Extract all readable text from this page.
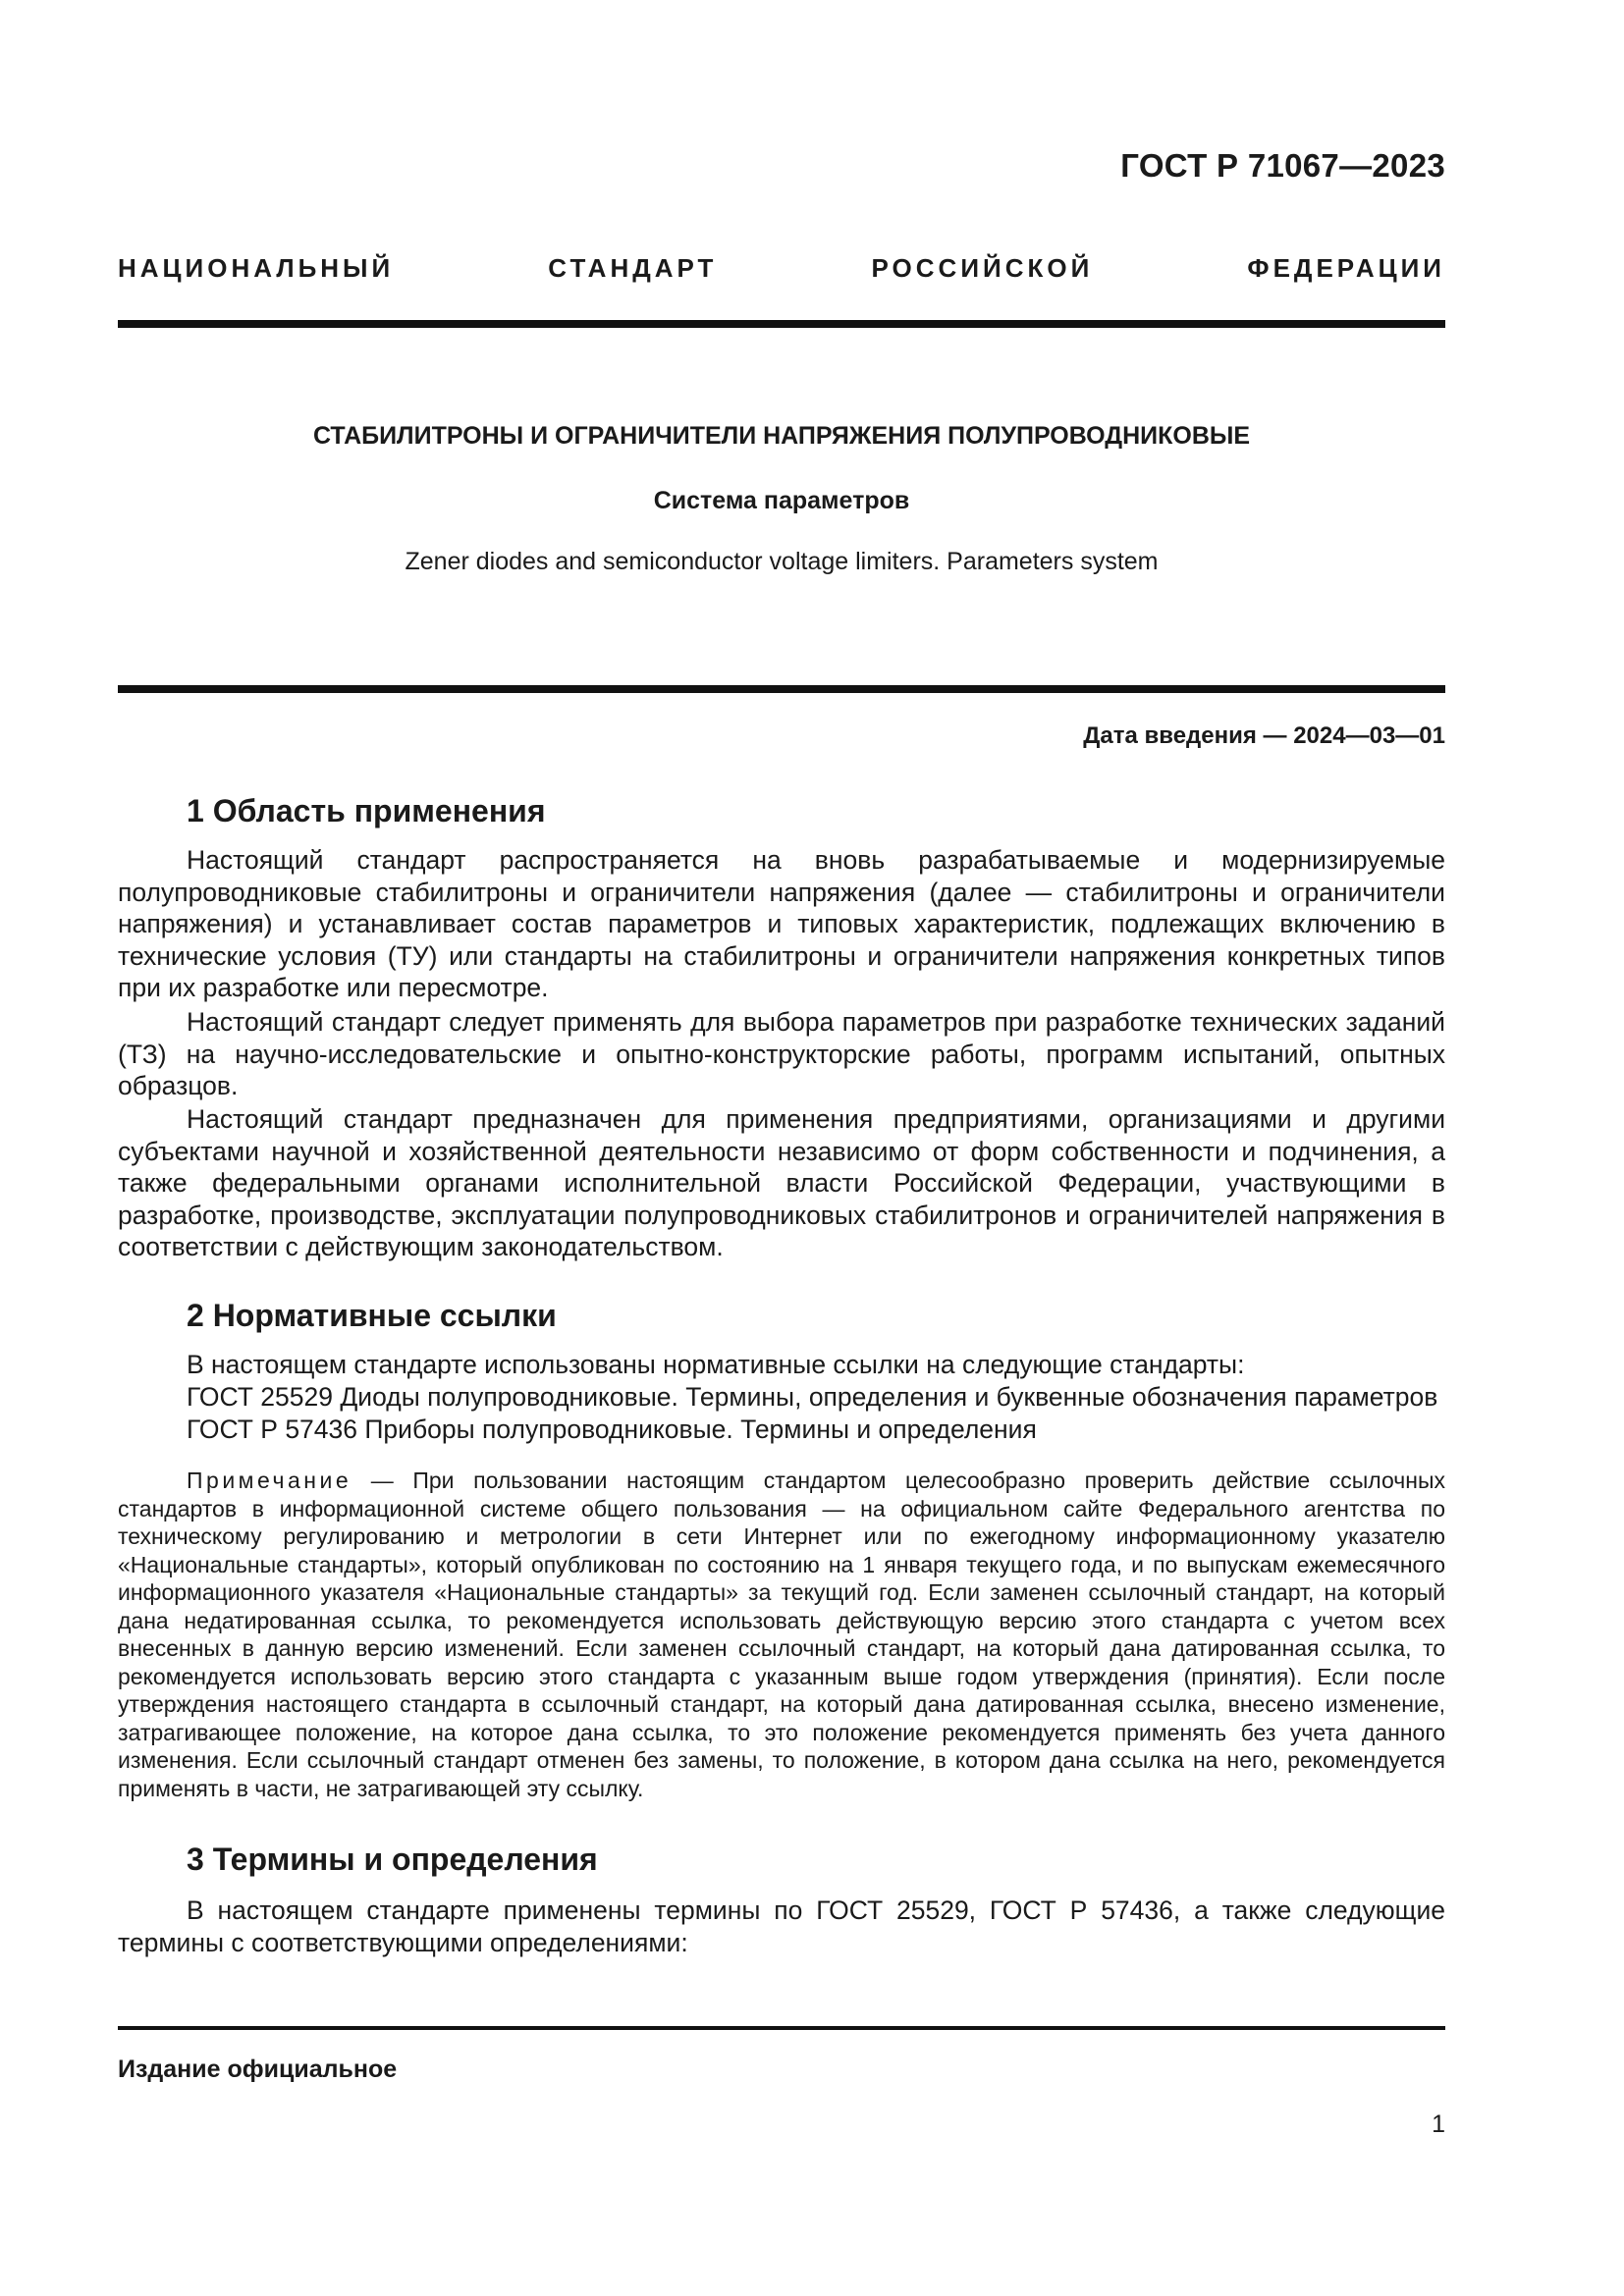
ГОСТ Р 71067—2023
НАЦИОНАЛЬНЫЙ СТАНДАРТ РОССИЙСКОЙ ФЕДЕРАЦИИ
СТАБИЛИТРОНЫ И ОГРАНИЧИТЕЛИ НАПРЯЖЕНИЯ ПОЛУПРОВОДНИКОВЫЕ
Система параметров
Zener diodes and semiconductor voltage limiters. Parameters system
Дата введения — 2024—03—01
1 Область применения

Настоящий стандарт распространяется на вновь разрабатываемые и модернизируемые полупроводниковые стабилитроны и ограничители напряжения (далее — стабилитроны и ограничители напряжения) и устанавливает состав параметров и типовых характеристик, подлежащих включению в технические условия (ТУ) или стандарты на стабилитроны и ограничители напряжения конкретных типов при их разработке или пересмотре.

Настоящий стандарт следует применять для выбора параметров при разработке технических заданий (ТЗ) на научно-исследовательские и опытно-конструкторские работы, программ испытаний, опытных образцов.

Настоящий стандарт предназначен для применения предприятиями, организациями и другими субъектами научной и хозяйственной деятельности независимо от форм собственности и подчинения, а также федеральными органами исполнительной власти Российской Федерации, участвующими в разработке, производстве, эксплуатации полупроводниковых стабилитронов и ограничителей напряжения в соответствии с действующим законодательством.

2 Нормативные ссылки
В настоящем стандарте использованы нормативные ссылки на следующие стандарты:
ГОСТ 25529 Диоды полупроводниковые. Термины, определения и буквенные обозначения параметров
ГОСТ Р 57436 Приборы полупроводниковые. Термины и определения

Примечание — При пользовании настоящим стандартом целесообразно проверить действие ссылочных стандартов в информационной системе общего пользования — на официальном сайте Федерального агентства по техническому регулированию и метрологии в сети Интернет или по ежегодному информационному указателю «Национальные стандарты», который опубликован по состоянию на 1 января текущего года, и по выпускам ежемесячного информационного указателя «Национальные стандарты» за текущий год. Если заменен ссылочный стандарт, на который дана недатированная ссылка, то рекомендуется использовать действующую версию этого стандарта с учетом всех внесенных в данную версию изменений. Если заменен ссылочный стандарт, на который дана датированная ссылка, то рекомендуется использовать версию этого стандарта с указанным выше годом утверждения (принятия). Если после утверждения настоящего стандарта в ссылочный стандарт, на который дана датированная ссылка, внесено изменение, затрагивающее положение, на которое дана ссылка, то это положение рекомендуется применять без учета данного изменения. Если ссылочный стандарт отменен без замены, то положение, в котором дана ссылка на него, рекомендуется применять в части, не затрагивающей эту ссылку.

3 Термины и определения

В настоящем стандарте применены термины по ГОСТ 25529, ГОСТ Р 57436, а также следующие термины с соответствующими определениями:

Издание официальное
1
